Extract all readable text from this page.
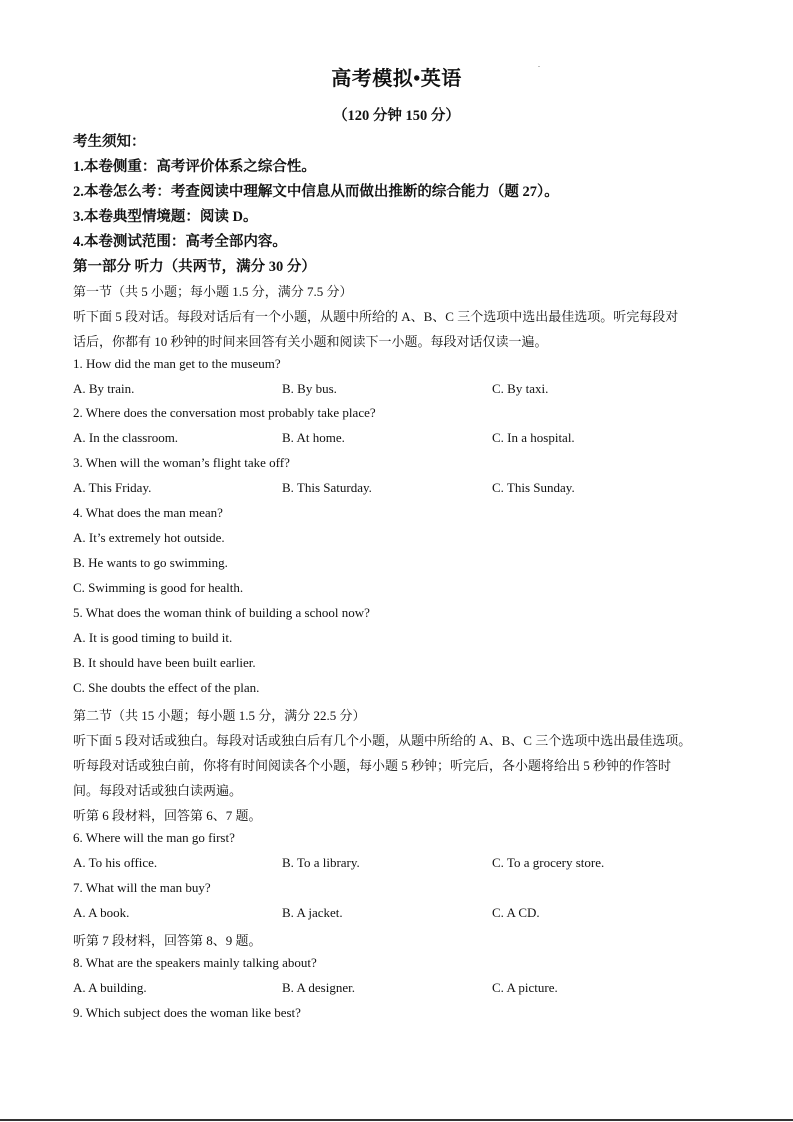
高考模拟•英语
.
（120 分钟 150 分）
考生须知：
1.本卷侧重：高考评价体系之综合性。
2.本卷怎么考：考查阅读中理解文中信息从而做出推断的综合能力（题 27）。
3.本卷典型情境题：阅读 D。
4.本卷测试范围：高考全部内容。
第一部分 听力（共两节，满分 30 分）
第一节（共 5 小题；每小题 1.5 分，满分 7.5 分）
听下面 5 段对话。每段对话后有一个小题，从题中所给的 A、B、C 三个选项中选出最佳选项。听完每段对
话后，你都有 10 秒钟的时间来回答有关小题和阅读下一小题。每段对话仅读一遍。
1. How did the man get to the museum?
A. By train.	B. By bus.	C. By taxi.
2. Where does the conversation most probably take place?
A. In the classroom.	B. At home.	C. In a hospital.
3. When will the woman’s flight take off?
A. This Friday.	B. This Saturday.	C. This Sunday.
4. What does the man mean?
A. It’s extremely hot outside.
B. He wants to go swimming.
C. Swimming is good for health.
5. What does the woman think of building a school now?
A. It is good timing to build it.
B. It should have been built earlier.
C. She doubts the effect of the plan.
第二节（共 15 小题；每小题 1.5 分，满分 22.5 分）
听下面 5 段对话或独白。每段对话或独白后有几个小题，从题中所给的 A、B、C 三个选项中选出最佳选项。
听每段对话或独白前，你将有时间阅读各个小题，每小题 5 秒钟；听完后，各小题将给出 5 秒钟的作答时
间。每段对话或独白读两遍。
听第 6 段材料，回答第 6、7 题。
6. Where will the man go first?
A. To his office.	B. To a library.	C. To a grocery store.
7. What will the man buy?
A. A book.	B. A jacket.	C. A CD.
听第 7 段材料，回答第 8、9 题。
8. What are the speakers mainly talking about?
A. A building.	B. A designer.	C. A picture.
9. Which subject does the woman like best?
